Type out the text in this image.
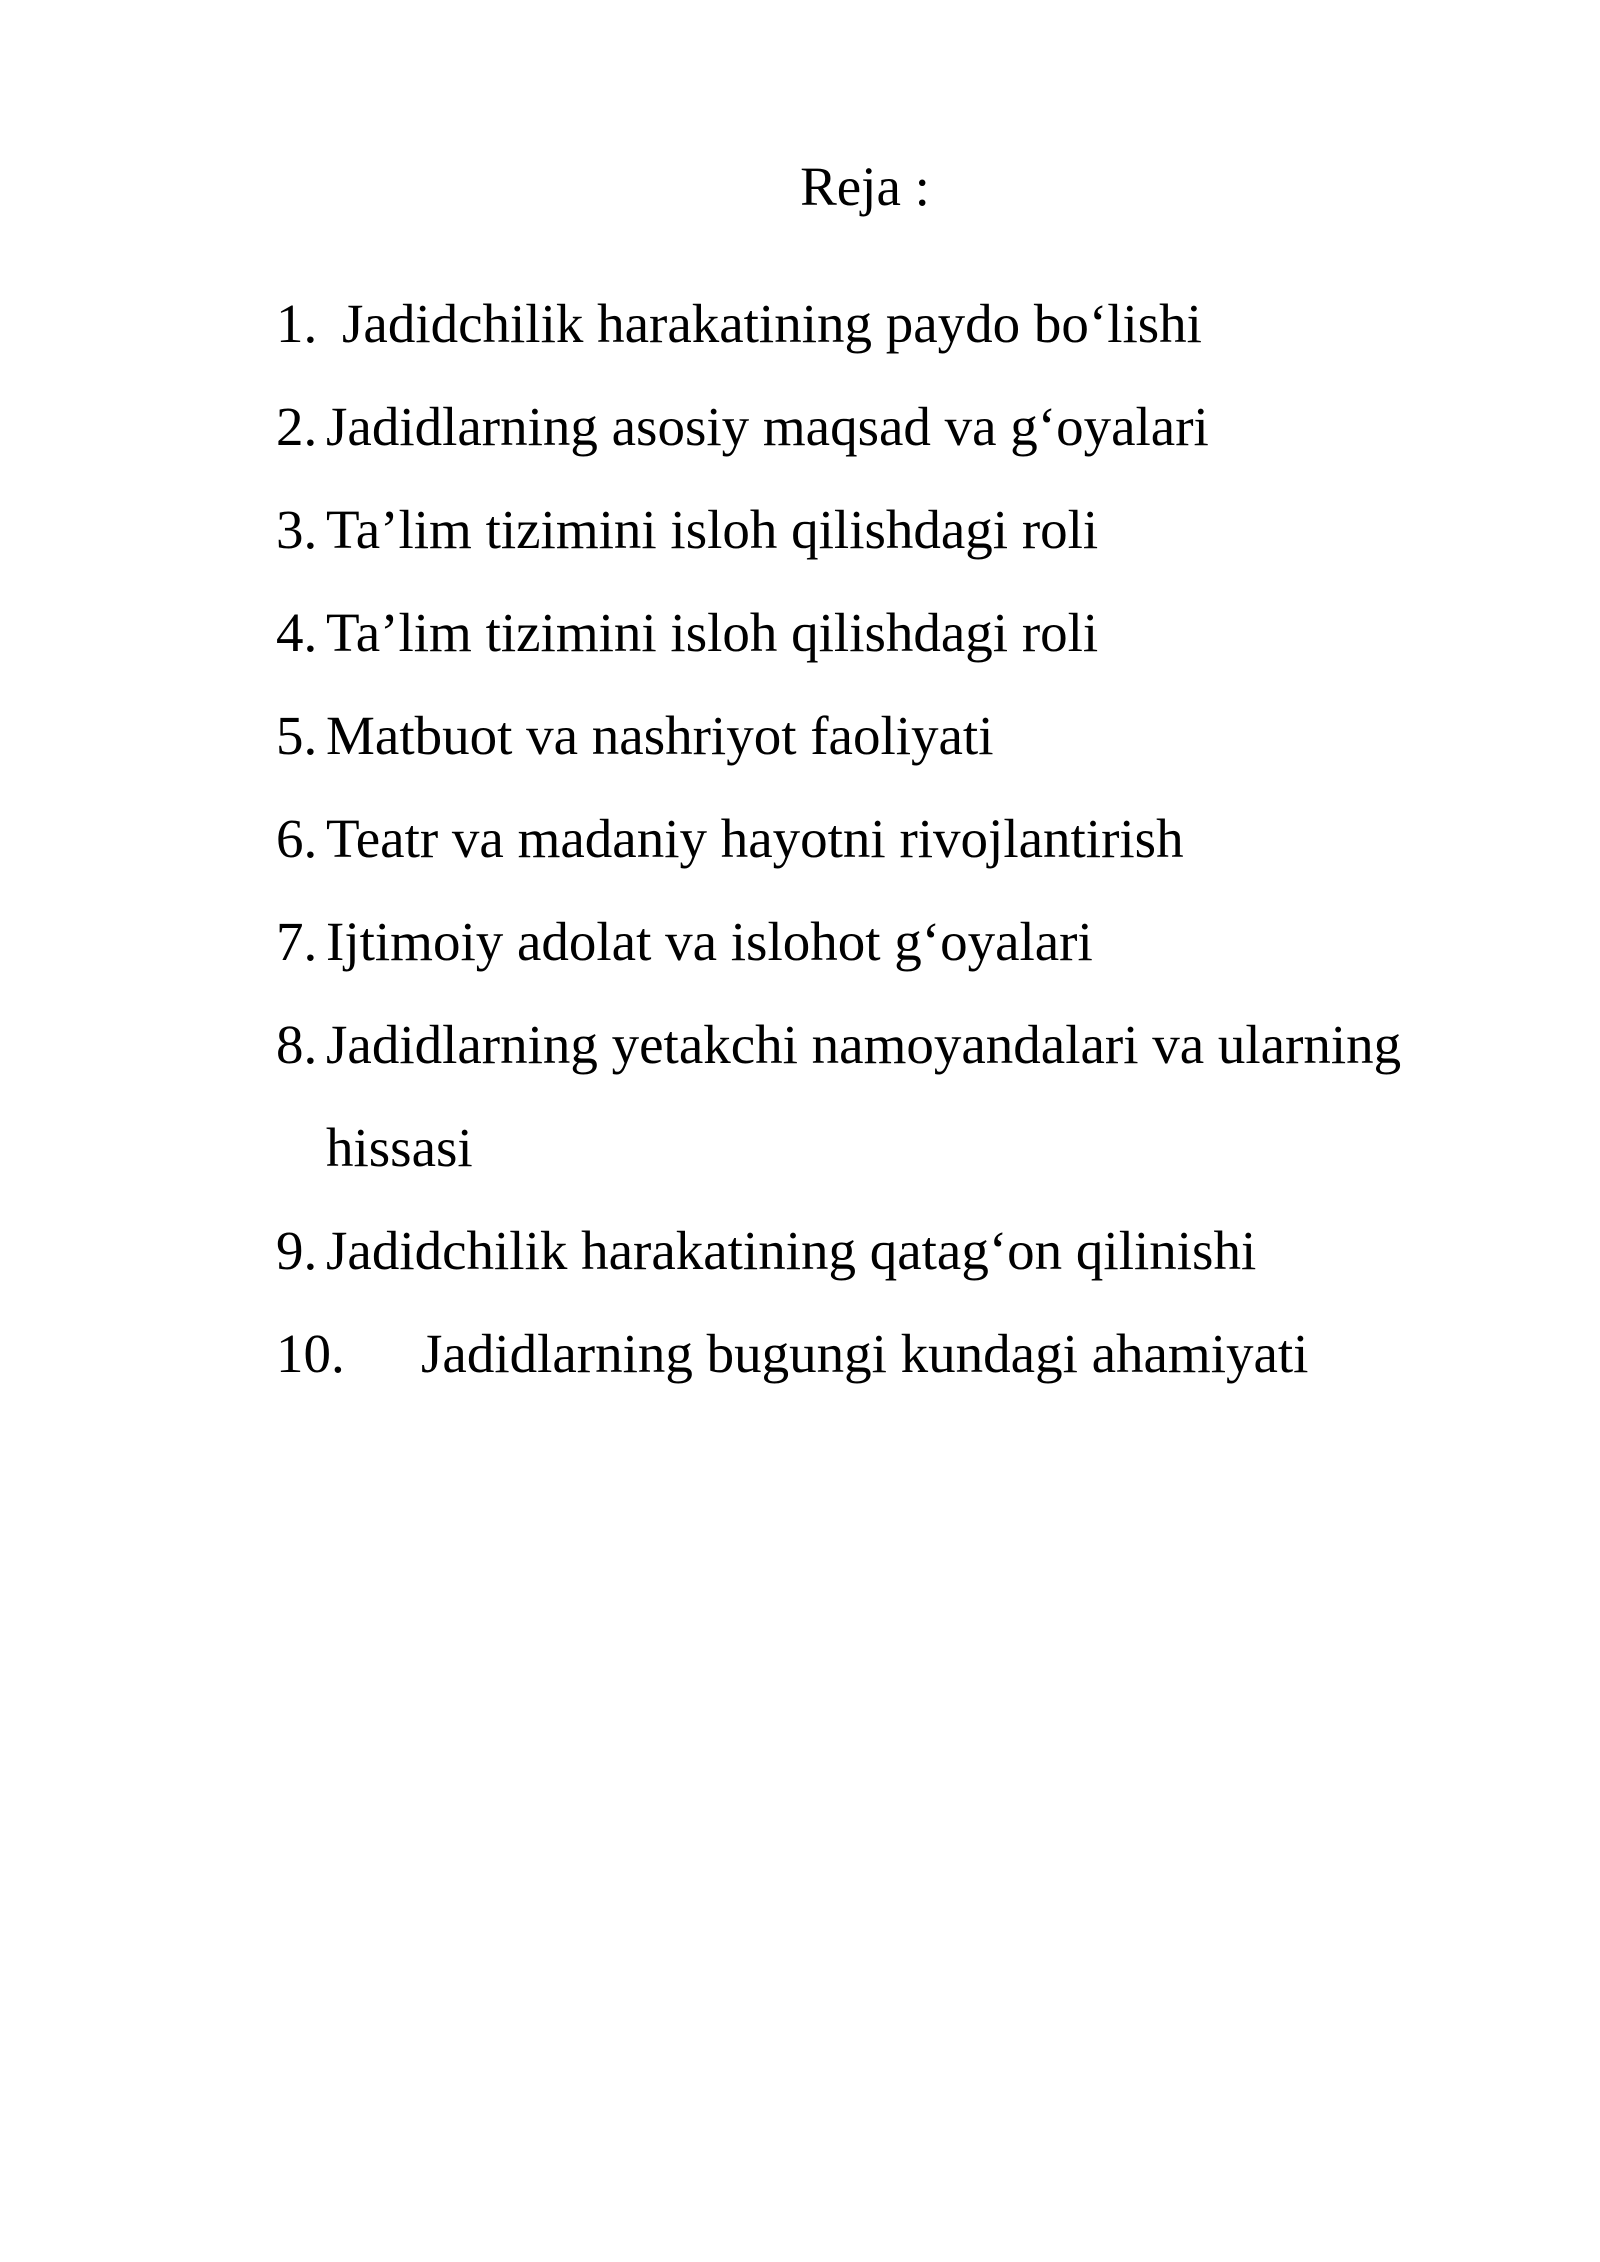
Reja :
1. Jadidchilik harakatining paydo bo‘lishi
2. Jadidlarning asosiy maqsad va g‘oyalari
3. Ta’lim tizimini isloh qilishdagi roli
4. Ta’lim tizimini isloh qilishdagi roli
5. Matbuot va nashriyot faoliyati
6. Teatr va madaniy hayotni rivojlantirish
7. Ijtimoiy adolat va islohot g‘oyalari
8. Jadidlarning yetakchi namoyandalari va ularning hissasi
9. Jadidchilik harakatining qatag‘on qilinishi
10. Jadidlarning bugungi kundagi ahamiyati
